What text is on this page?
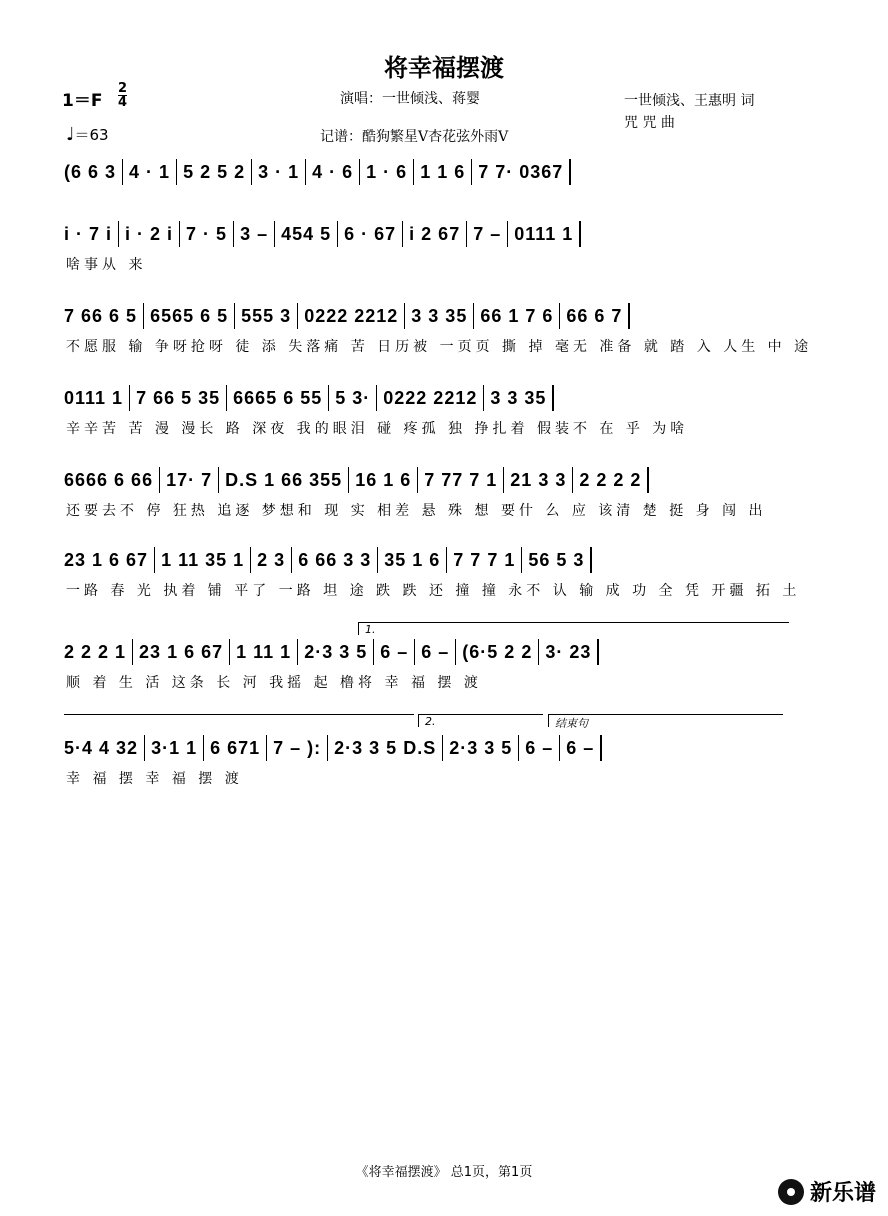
将幸福摆渡
1＝F
2
4
♩＝63
演唱：一世倾浅、蒋婴
记谱：酷狗繁星V杏花弦外雨V
一世倾浅、王惠明 词
咒 咒 曲
(6 6 3 4 · 1 5 2 5 2 3 · 1 4 · 6 1 · 6 1 1 6 7 7· 0367
i · 7 i i · 2 i 7 · 5 3 – 454 5 6 · 67 i 2 67 7 – 0111 1
啥事从 来
7 66 6 5 6565 6 5 555 3 0222 2212 3 3 35 66 1 7 6 66 6 7
不愿服 输 争呀抢呀 徒 添 失落痛 苦 日历被 一页页 撕 掉 毫无 准备 就 踏 入 人生 中 途
0111 1 7 66 5 35 6665 6 55 5 3· 0222 2212 3 3 35
辛辛苦 苦 漫 漫长 路 深夜 我的眼泪 碰 疼孤 独 挣扎着 假装不 在 乎 为啥
6666 6 66 17· 7 D.S 1 66 355 16 1 6 7 77 7 1 21 3 3 2 2 2 2
还要去不 停 狂热 追逐 梦想和 现 实 相差 悬 殊 想 要什 么 应 该清 楚 挺 身 闯 出
23 1 6 67 1 11 35 1 2 3 6 66 3 3 35 1 6 7 7 7 1 56 5 3
一路 春 光 执着 铺 平了 一路 坦 途 跌 跌 还 撞 撞 永不 认 输 成 功 全 凭 开疆 拓 土
1.
2 2 2 1 23 1 6 67 1 11 1 2·3 3 5 6 – 6 – (6·5 2 2 3· 23
顺 着 生 活 这条 长 河 我摇 起 橹将 幸 福 摆 渡
2.	结束句
5·4 4 32 3·1 1 6 671 7 – ): 2·3 3 5 D.S 2·3 3 5 6 – 6 –
幸 福 摆 幸 福 摆 渡
《将幸福摆渡》 总1页，第1页
新乐谱
